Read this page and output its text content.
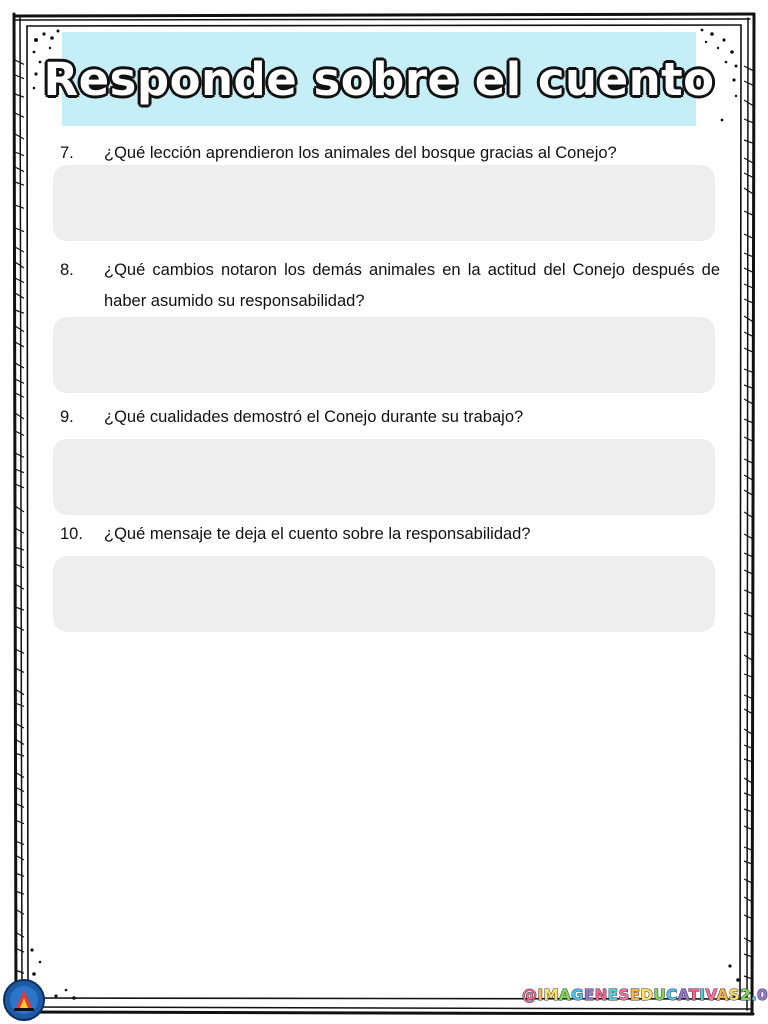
Responde sobre el cuento
7.	¿Qué lección aprendieron los animales del bosque gracias al Conejo?
8.	¿Qué cambios notaron los demás animales en la actitud del Conejo después de haber asumido su responsabilidad?
9.	¿Qué cualidades demostró el Conejo durante su trabajo?
10.	¿Qué mensaje te deja el cuento sobre la responsabilidad?
@IMAGENESEDUCATIVAS2.0
